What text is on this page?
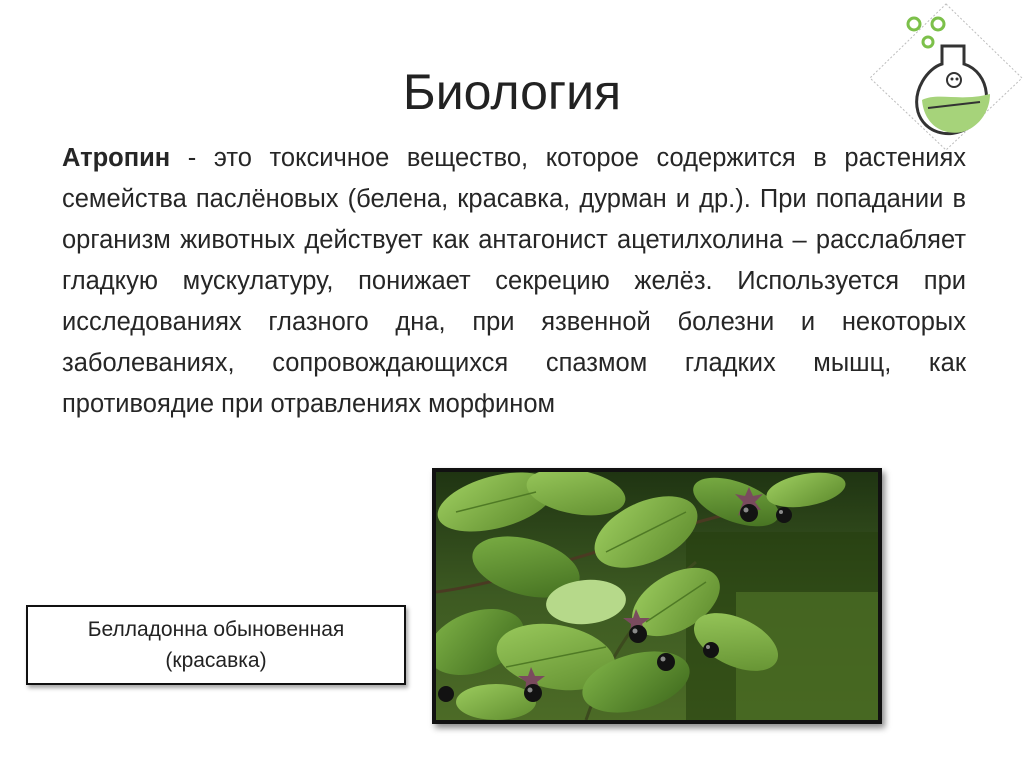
Биология

Атропин - это токсичное вещество, которое содержится в растениях семейства паслёновых (белена, красавка, дурман и др.). При попадании в организм животных действует как антагонист ацетилхолина – расслабляет гладкую мускулатуру, понижает секрецию желёз. Используется при исследованиях глазного дна, при язвенной болезни и некоторых заболеваниях, сопровождающихся спазмом гладких мышц, как противоядие при отравлениях морфином

Белладонна обыновенная
(красавка)
